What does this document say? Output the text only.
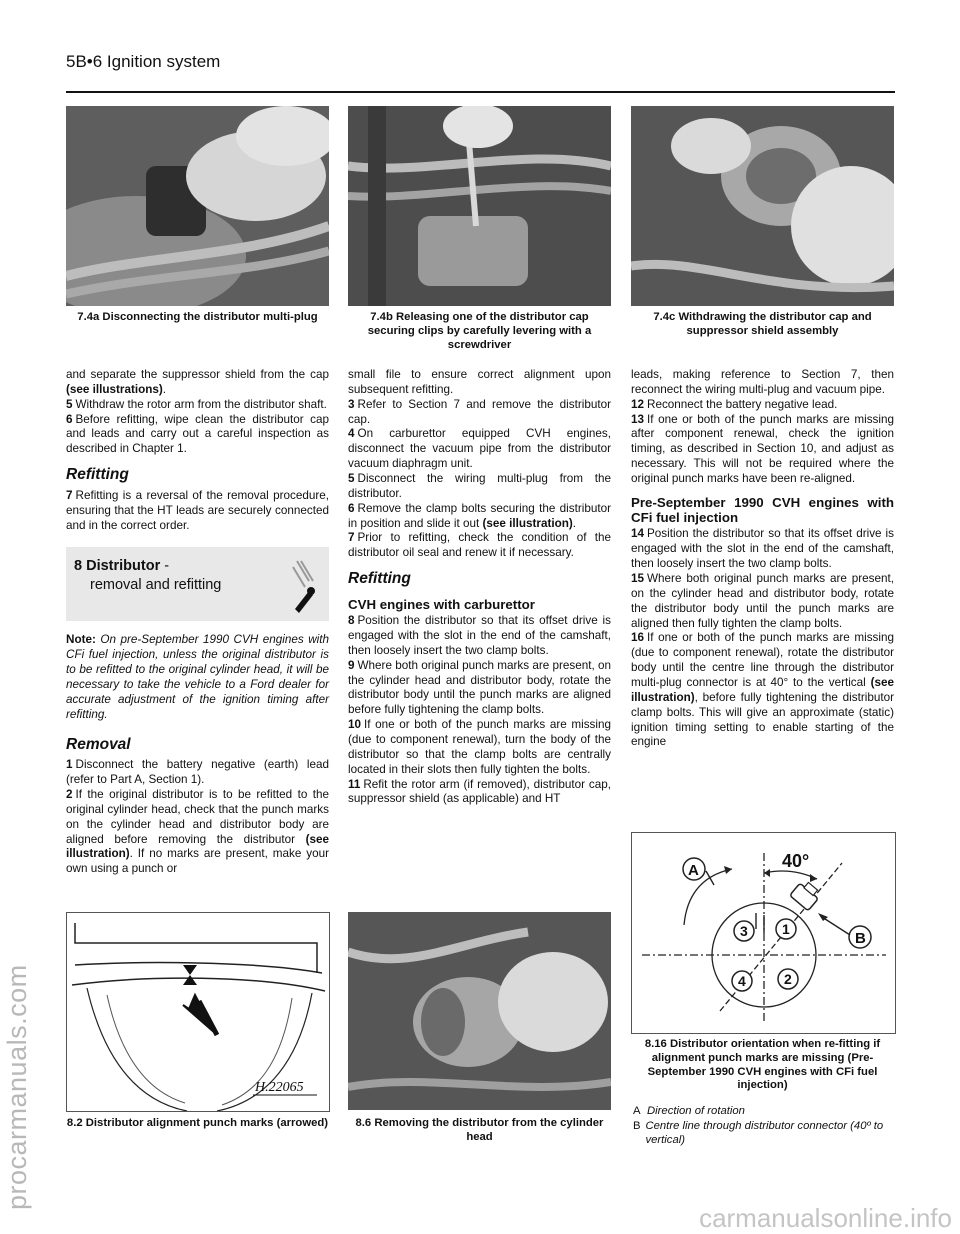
5B•6 Ignition system
procarmanuals.com
carmanualsonline.info
7.4a Disconnecting the distributor multi-plug	7.4b Releasing one of the distributor cap securing clips by carefully levering with a screwdriver
7.4c Withdrawing the distributor cap and suppressor shield assembly

and separate the suppressor shield from the cap (see illustrations).

5 Withdraw the rotor arm from the distributor shaft.

6 Before refitting, wipe clean the distributor cap and leads and carry out a careful inspection as described in Chapter 1.

Refitting

7 Refitting is a reversal of the removal procedure, ensuring that the HT leads are securely connected and in the correct order.

8 Distributor -
removal and refitting

Note: On pre-September 1990 CVH engines with CFi fuel injection, unless the original distributor is to be refitted to the original cylinder head, it will be necessary to take the vehicle to a Ford dealer for accurate adjustment of the ignition timing after refitting.

Removal

1 Disconnect the battery negative (earth) lead (refer to Part A, Section 1).

2 If the original distributor is to be refitted to the original cylinder head, check that the punch marks on the cylinder head and distributor body are aligned before removing the distributor (see illustration). If no marks are present, make your own using a punch or

small file to ensure correct alignment upon subsequent refitting.

3 Refer to Section 7 and remove the distributor cap.

4 On carburettor equipped CVH engines, disconnect the vacuum pipe from the distributor vacuum diaphragm unit.

5 Disconnect the wiring multi-plug from the distributor.

6 Remove the clamp bolts securing the distributor in position and slide it out (see illustration).

7 Prior to refitting, check the condition of the distributor oil seal and renew it if necessary.

Refitting
CVH engines with carburettor

8 Position the distributor so that its offset drive is engaged with the slot in the end of the camshaft, then loosely insert the two clamp bolts.

9 Where both original punch marks are present, on the cylinder head and distributor body, rotate the distributor body until the punch marks are aligned before fully tightening the clamp bolts.

10 If one or both of the punch marks are missing (due to component renewal), turn the body of the distributor so that the clamp bolts are centrally located in their slots then fully tighten the bolts.

11 Refit the rotor arm (if removed), distributor cap, suppressor shield (as applicable) and HT

leads, making reference to Section 7, then reconnect the wiring multi-plug and vacuum pipe.

12 Reconnect the battery negative lead.

13 If one or both of the punch marks are missing after component renewal, check the ignition timing, as described in Section 10, and adjust as necessary. This will not be required where the original punch marks have been re-aligned.

Pre-September 1990 CVH engines with CFi fuel injection

14 Position the distributor so that its offset drive is engaged with the slot in the end of the camshaft, then loosely insert the two clamp bolts.

15 Where both original punch marks are present, on the cylinder head and distributor body, rotate the distributor body until the punch marks are aligned then fully tighten the clamp bolts.

16 If one or both of the punch marks are missing (due to component renewal), rotate the distributor body until the centre line through the distributor multi-plug connector is at 40° to the vertical (see illustration), before fully tightening the distributor clamp bolts. This will give an approximate (static) ignition timing setting to enable starting of the engine

H.22065
40°
A
B
3 1
4	2
8.2 Distributor alignment punch marks (arrowed)	8.6 Removing the distributor from the cylinder head
8.16 Distributor orientation when re-fitting if alignment punch marks are missing (Pre-September 1990 CVH engines with CFi fuel injection)
A Direction of rotation
B Centre line through distributor connector (40º to vertical)
